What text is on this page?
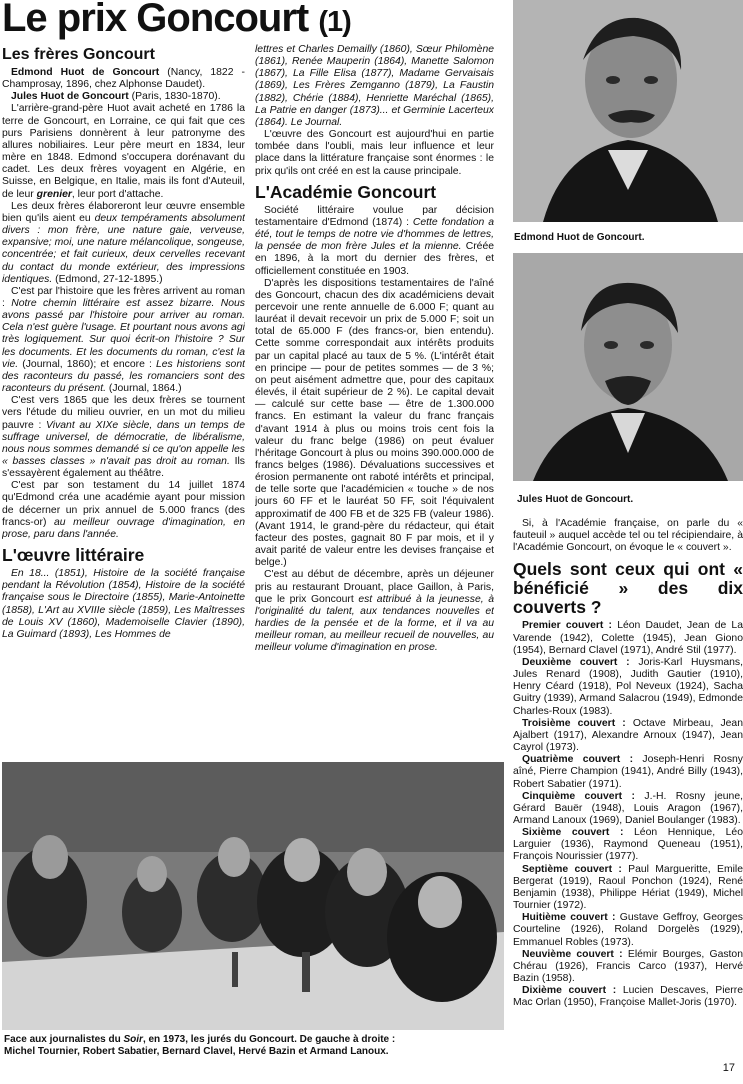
Le prix Goncourt (1)
Les frères Goncourt

Edmond Huot de Goncourt (Nancy, 1822 - Champrosay, 1896, chez Alphonse Daudet).

Jules Huot de Goncourt (Paris, 1830-1870).

L'arrière-grand-père Huot avait acheté en 1786 la terre de Goncourt, en Lorraine, ce qui fait que ces purs Parisiens donnèrent à leur patronyme des allures nobiliaires. Leur père meurt en 1834, leur mère en 1848. Edmond s'occupera dorénavant du cadet. Les deux frères voyagent en Algérie, en Suisse, en Belgique, en Italie, mais ils font d'Auteuil, de leur grenier, leur port d'attache.

Les deux frères élaboreront leur œuvre ensemble bien qu'ils aient eu deux tempéraments absolument divers : mon frère, une nature gaie, verveuse, expansive; moi, une nature mélancolique, songeuse, concentrée; et fait curieux, deux cervelles recevant du contact du monde extérieur, des impressions identiques. (Edmond, 27-12-1895.)

C'est par l'histoire que les frères arrivent au roman : Notre chemin littéraire est assez bizarre. Nous avons passé par l'histoire pour arriver au roman. Cela n'est guère l'usage. Et pourtant nous avons agi très logiquement. Sur quoi écrit-on l'histoire ? Sur les documents. Et les documents du roman, c'est la vie. (Journal, 1860); et encore : Les historiens sont des raconteurs du passé, les romanciers sont des raconteurs du présent. (Journal, 1864.)

C'est vers 1865 que les deux frères se tournent vers l'étude du milieu ouvrier, en un mot du milieu pauvre : Vivant au XIXe siècle, dans un temps de suffrage universel, de démocratie, de libéralisme, nous nous sommes demandé si ce qu'on appelle les « basses classes » n'avait pas droit au roman. Ils s'essayèrent également au théâtre.

C'est par son testament du 14 juillet 1874 qu'Edmond créa une académie ayant pour mission de décerner un prix annuel de 5.000 francs (des francs-or) au meilleur ouvrage d'imagination, en prose, paru dans l'année.

L'œuvre littéraire

En 18... (1851), Histoire de la société française pendant la Révolution (1854), Histoire de la société française sous le Directoire (1855), Marie-Antoinette (1858), L'Art au XVIIIe siècle (1859), Les Maîtresses de Louis XV (1860), Mademoiselle Clavier (1890), La Guimard (1893), Les Hommes de

lettres et Charles Demailly (1860), Sœur Philomène (1861), Renée Mauperin (1864), Manette Salomon (1867), La Fille Elisa (1877), Madame Gervaisais (1869), Les Frères Zemganno (1879), La Faustin (1882), Chérie (1884), Henriette Maréchal (1865), La Patrie en danger (1873)... et Germinie Lacerteux (1864). Le Journal.

L'œuvre des Goncourt est aujourd'hui en partie tombée dans l'oubli, mais leur influence et leur place dans la littérature française sont énormes : le prix qu'ils ont créé en est la cause principale.

L'Académie Goncourt

Société littéraire voulue par décision testamentaire d'Edmond (1874) : Cette fondation a été, tout le temps de notre vie d'hommes de lettres, la pensée de mon frère Jules et la mienne. Créée en 1896, à la mort du dernier des frères, et officiellement constituée en 1903.

D'après les dispositions testamentaires de l'aîné des Goncourt, chacun des dix académiciens devait percevoir une rente annuelle de 6.000 F; quant au lauréat il devait recevoir un prix de 5.000 F; soit un total de 65.000 F (des francs-or, bien entendu). Cette somme correspondait aux intérêts produits par un capital placé au taux de 5 %. (L'intérêt était en principe — pour de petites sommes — de 3 %; on peut aisément admettre que, pour des capitaux élevés, il était supérieur de 2 %). Le capital devait — calculé sur cette base — être de 1.300.000 francs. En estimant la valeur du franc français d'avant 1914 à plus ou moins trois cent fois la valeur du franc belge (1986) on peut évaluer l'héritage Goncourt à plus ou moins 390.000.000 de francs belges (1986). Dévaluations successives et érosion permanente ont raboté intérêts et principal, de telle sorte que l'académicien « touche » de nos jours 60 FF et le lauréat 50 FF, soit l'équivalent approximatif de 400 FB et de 325 FB (valeur 1986). (Avant 1914, le grand-père du rédacteur, qui était facteur des postes, gagnait 80 F par mois, et il y avait parité de valeur entre les devises française et belge.)

C'est au début de décembre, après un déjeuner pris au restaurant Drouant, place Gaillon, à Paris, que le prix Goncourt est attribué à la jeunesse, à l'originalité du talent, aux tendances nouvelles et hardies de la pensée et de la forme, et il va au meilleur roman, au meilleur recueil de nouvelles, au meilleur volume d'imagination en prose.

Edmond Huot de Goncourt.
Jules Huot de Goncourt.

Si, à l'Académie française, on parle du « fauteuil » auquel accède tel ou tel récipiendaire, à l'Académie Goncourt, on évoque le « couvert ».

Quels sont ceux qui ont « bénéficié » des dix couverts ?

Premier couvert : Léon Daudet, Jean de La Varende (1942), Colette (1945), Jean Giono (1954), Bernard Clavel (1971), André Stil (1977).

Deuxième couvert : Joris-Karl Huysmans, Jules Renard (1908), Judith Gautier (1910), Henry Céard (1918), Pol Neveux (1924), Sacha Guitry (1939), Armand Salacrou (1949), Edmonde Charles-Roux (1983).

Troisième couvert : Octave Mirbeau, Jean Ajalbert (1917), Alexandre Arnoux (1947), Jean Cayrol (1973).

Quatrième couvert : Joseph-Henri Rosny aîné, Pierre Champion (1941), André Billy (1943), Robert Sabatier (1971).

Cinquième couvert : J.-H. Rosny jeune, Gérard Bauër (1948), Louis Aragon (1967), Armand Lanoux (1969), Daniel Boulanger (1983).

Sixième couvert : Léon Hennique, Léo Larguier (1936), Raymond Queneau (1951), François Nourissier (1977).

Septième couvert : Paul Margueritte, Emile Bergerat (1919), Raoul Ponchon (1924), René Benjamin (1938), Philippe Hériat (1949), Michel Tournier (1972).

Huitième couvert : Gustave Geffroy, Georges Courteline (1926), Roland Dorgelès (1929), Emmanuel Robles (1973).

Neuvième couvert : Elémir Bourges, Gaston Chérau (1926), Francis Carco (1937), Hervé Bazin (1958).

Dixième couvert : Lucien Descaves, Pierre Mac Orlan (1950), Françoise Mallet-Joris (1970).

Face aux journalistes du Soir, en 1973, les jurés du Goncourt. De gauche à droite :
Michel Tournier, Robert Sabatier, Bernard Clavel, Hervé Bazin et Armand Lanoux.
17
